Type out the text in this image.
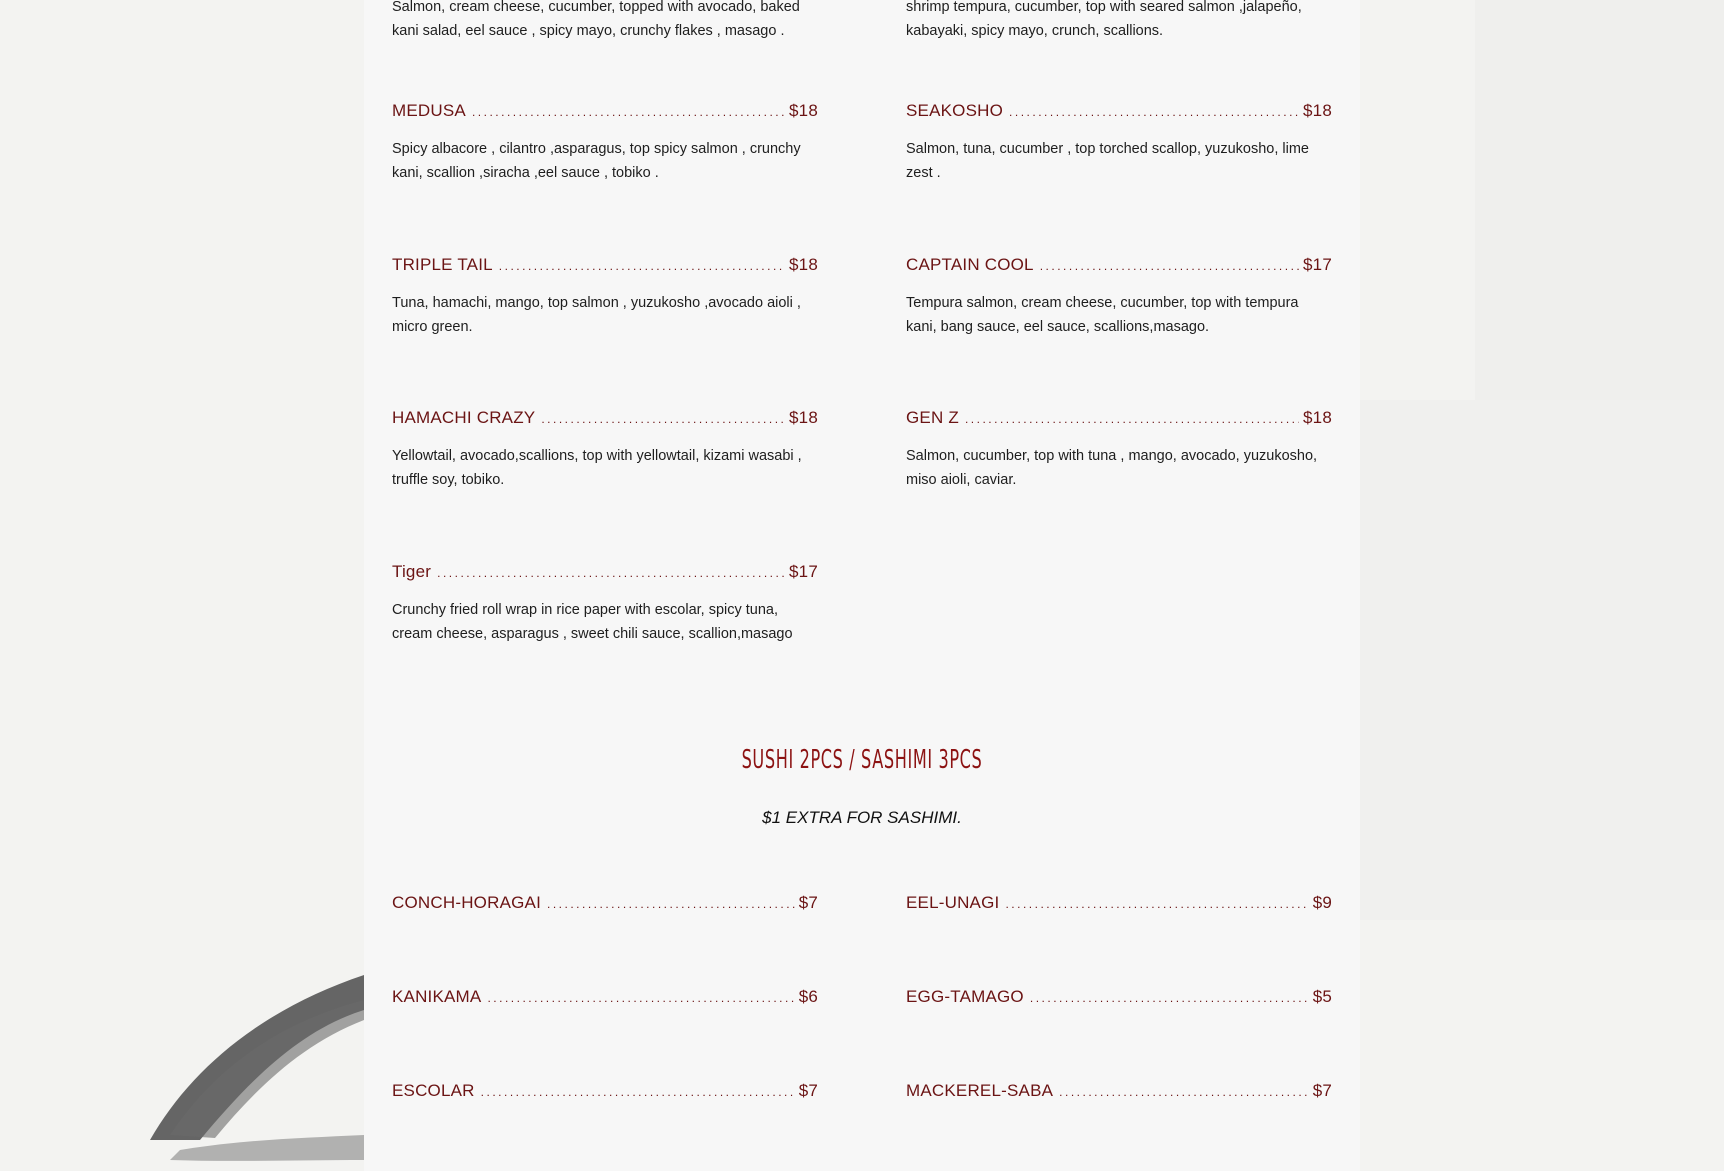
Salmon, cream cheese, cucumber, topped with avocado, baked kani salad, eel sauce , spicy mayo, crunchy flakes , masago .
MEDUSA .....	$18
Spicy albacore , cilantro ,asparagus, top spicy salmon , crunchy kani, scallion ,siracha ,eel sauce , tobiko .
TRIPLE TAIL .....	$18
Tuna, hamachi, mango, top salmon , yuzukosho ,avocado aioli , micro green.
HAMACHI CRAZY .....	$18
Yellowtail, avocado,scallions, top with yellowtail, kizami wasabi , truffle soy, tobiko.
Tiger .....	$17
Crunchy fried roll wrap in rice paper with escolar, spicy tuna, cream cheese, asparagus , sweet chili sauce, scallion,masago
CONCH-HORAGAI .....	$7
KANIKAMA .....	$6
ESCOLAR .....	$7
shrimp tempura, cucumber, top with seared salmon ,jalapeño, kabayaki, spicy mayo, crunch, scallions.
SEAKOSHO .....	$18
Salmon, tuna, cucumber , top torched scallop, yuzukosho, lime zest .
CAPTAIN COOL .....	$17
Tempura salmon, cream cheese, cucumber, top with tempura kani, bang sauce, eel sauce, scallions,masago.
GEN Z .....	$18
Salmon, cucumber, top with tuna , mango, avocado, yuzukosho, miso aioli, caviar.
EEL-UNAGI .....	$9
EGG-TAMAGO .....	$5
MACKEREL-SABA .....	$7
SUSHI 2PCS / SASHIMI 3PCS
$1 EXTRA FOR SASHIMI.
